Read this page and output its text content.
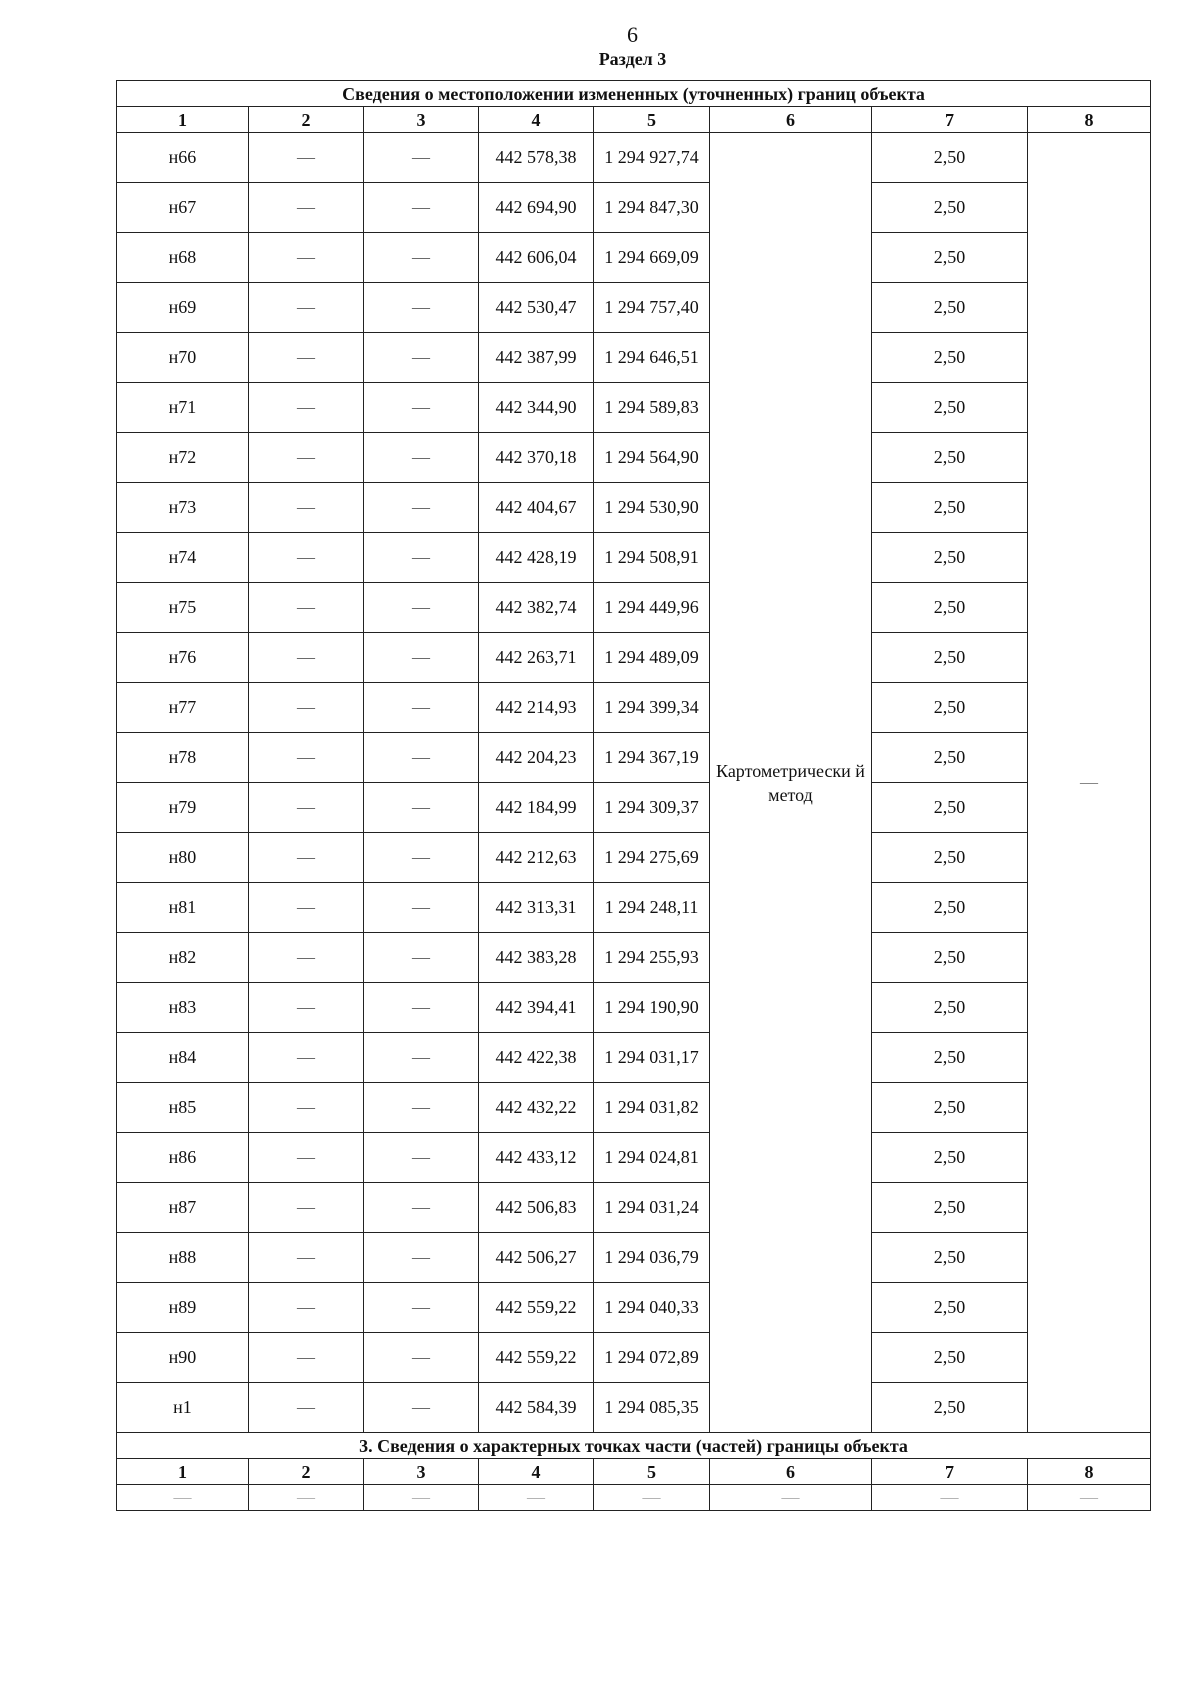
6
Раздел 3
Сведения о местоположении измененных (уточненных) границ объекта							
1	2	3	4	5	6	7	8
н66	—	—	442 578,38	1 294 927,74	Картометрически й метод	2,50	—
н67	—	—	442 694,90	1 294 847,30		2,50	
н68	—	—	442 606,04	1 294 669,09		2,50	
н69	—	—	442 530,47	1 294 757,40		2,50	
н70	—	—	442 387,99	1 294 646,51		2,50	
н71	—	—	442 344,90	1 294 589,83		2,50	
н72	—	—	442 370,18	1 294 564,90		2,50	
н73	—	—	442 404,67	1 294 530,90		2,50	
н74	—	—	442 428,19	1 294 508,91		2,50	
н75	—	—	442 382,74	1 294 449,96		2,50	
н76	—	—	442 263,71	1 294 489,09		2,50	
н77	—	—	442 214,93	1 294 399,34		2,50	
н78	—	—	442 204,23	1 294 367,19		2,50	
н79	—	—	442 184,99	1 294 309,37		2,50	
н80	—	—	442 212,63	1 294 275,69		2,50	
н81	—	—	442 313,31	1 294 248,11		2,50	
н82	—	—	442 383,28	1 294 255,93		2,50	
н83	—	—	442 394,41	1 294 190,90		2,50	
н84	—	—	442 422,38	1 294 031,17		2,50	
н85	—	—	442 432,22	1 294 031,82		2,50	
н86	—	—	442 433,12	1 294 024,81		2,50	
н87	—	—	442 506,83	1 294 031,24		2,50	
н88	—	—	442 506,27	1 294 036,79		2,50	
н89	—	—	442 559,22	1 294 040,33		2,50	
н90	—	—	442 559,22	1 294 072,89		2,50	
н1	—	—	442 584,39	1 294 085,35		2,50	
3. Сведения о характерных точках части (частей) границы объекта							
1	2	3	4	5	6	7	8
—	—	—	—	—	—	—	—
